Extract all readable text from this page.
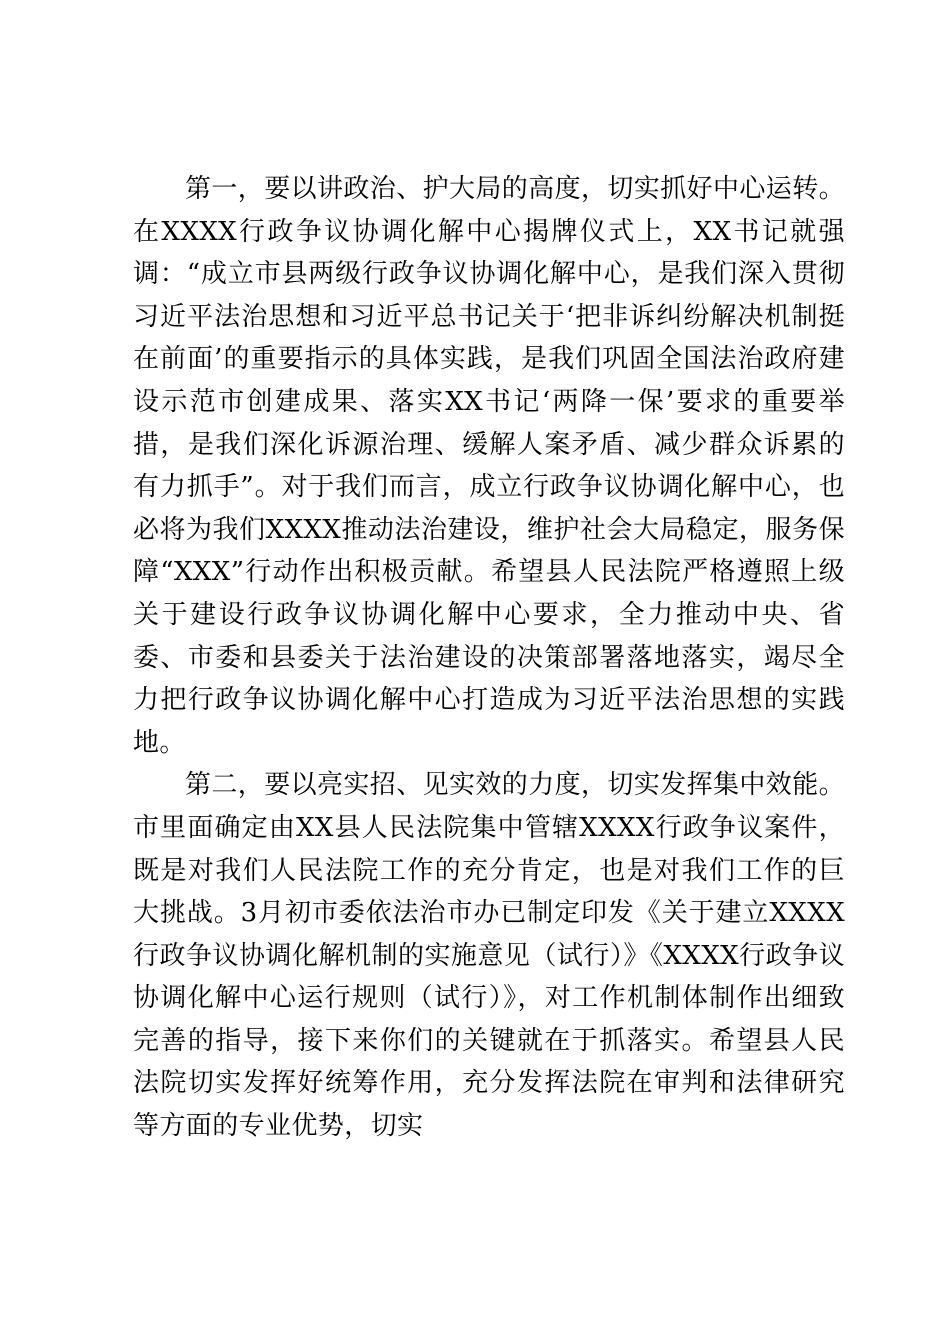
第一，要以讲政治、护大局的高度，切实抓好中心运转。在XXXX行政争议协调化解中心揭牌仪式上，XX书记就强调：“成立市县两级行政争议协调化解中心，是我们深入贯彻习近平法治思想和习近平总书记关于‘把非诉纠纷解决机制挺在前面’的重要指示的具体实践，是我们巩固全国法治政府建设示范市创建成果、落实XX书记‘两降一保’要求的重要举措，是我们深化诉源治理、缓解人案矛盾、减少群众诉累的有力抓手”。对于我们而言，成立行政争议协调化解中心，也必将为我们XXXX推动法治建设，维护社会大局稳定，服务保障“XXX”行动作出积极贡献。希望县人民法院严格遵照上级关于建设行政争议协调化解中心要求，全力推动中央、省委、市委和县委关于法治建设的决策部署落地落实，竭尽全力把行政争议协调化解中心打造成为习近平法治思想的实践地。

第二，要以亮实招、见实效的力度，切实发挥集中效能。市里面确定由XX县人民法院集中管辖XXXX行政争议案件，既是对我们人民法院工作的充分肯定，也是对我们工作的巨大挑战。3月初市委依法治市办已制定印发《关于建立XXXX行政争议协调化解机制的实施意见（试行）》《XXXX行政争议协调化解中心运行规则（试行）》，对工作机制体制作出细致完善的指导，接下来你们的关键就在于抓落实。希望县人民法院切实发挥好统筹作用，充分发挥法院在审判和法律研究等方面的专业优势，切实
